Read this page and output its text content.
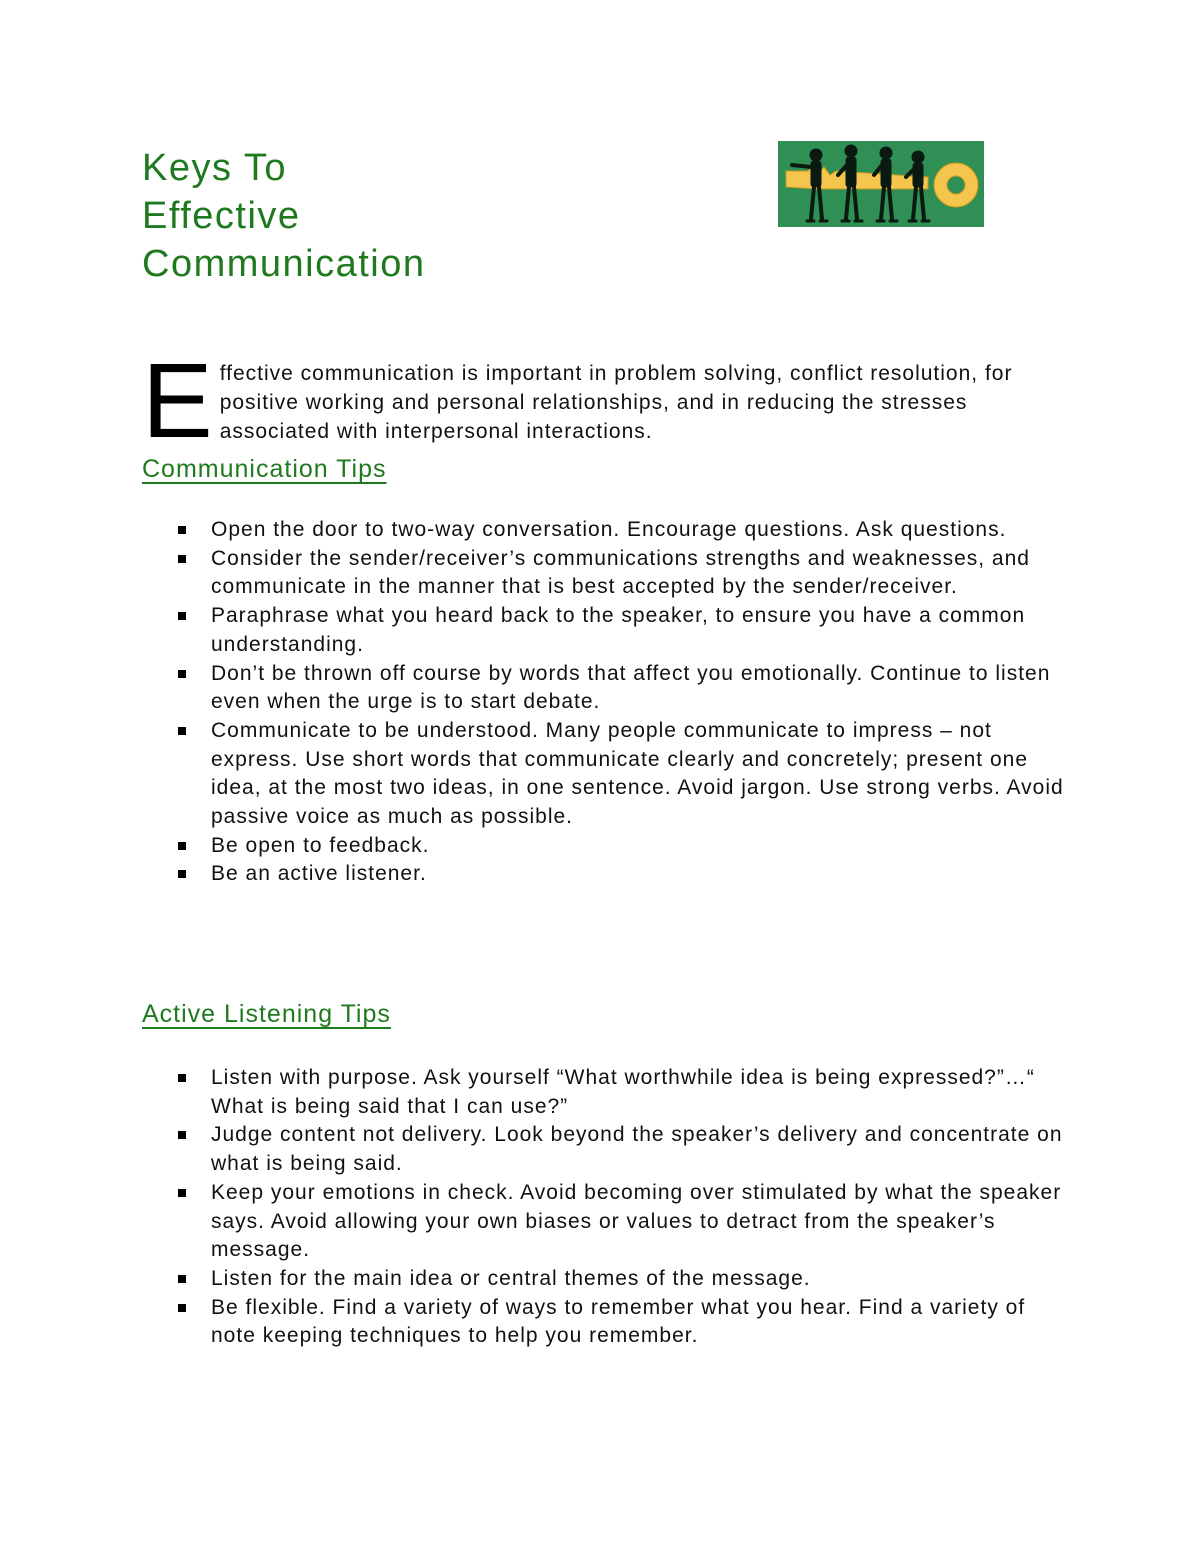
Keys To
Effective
Communication

Effective communication is important in problem solving, conflict resolution, for positive working and personal relationships, and in reducing the stresses associated with interpersonal interactions.

Communication Tips
Open the door to two-way conversation. Encourage questions. Ask questions.
Consider the sender/receiver’s communications strengths and weaknesses, and communicate in the manner that is best accepted by the sender/receiver.
Paraphrase what you heard back to the speaker, to ensure you have a common understanding.
Don’t be thrown off course by words that affect you emotionally. Continue to listen even when the urge is to start debate.
Communicate to be understood. Many people communicate to impress – not express. Use short words that communicate clearly and concretely; present one idea, at the most two ideas, in one sentence. Avoid jargon. Use strong verbs. Avoid passive voice as much as possible.
Be open to feedback.
Be an active listener.
Active Listening Tips
Listen with purpose. Ask yourself “What worthwhile idea is being expressed?”…“ What is being said that I can use?”
Judge content not delivery. Look beyond the speaker’s delivery and concentrate on what is being said.
Keep your emotions in check. Avoid becoming over stimulated by what the speaker says. Avoid allowing your own biases or values to detract from the speaker’s message.
Listen for the main idea or central themes of the message.
Be flexible. Find a variety of ways to remember what you hear. Find a variety of note keeping techniques to help you remember.
